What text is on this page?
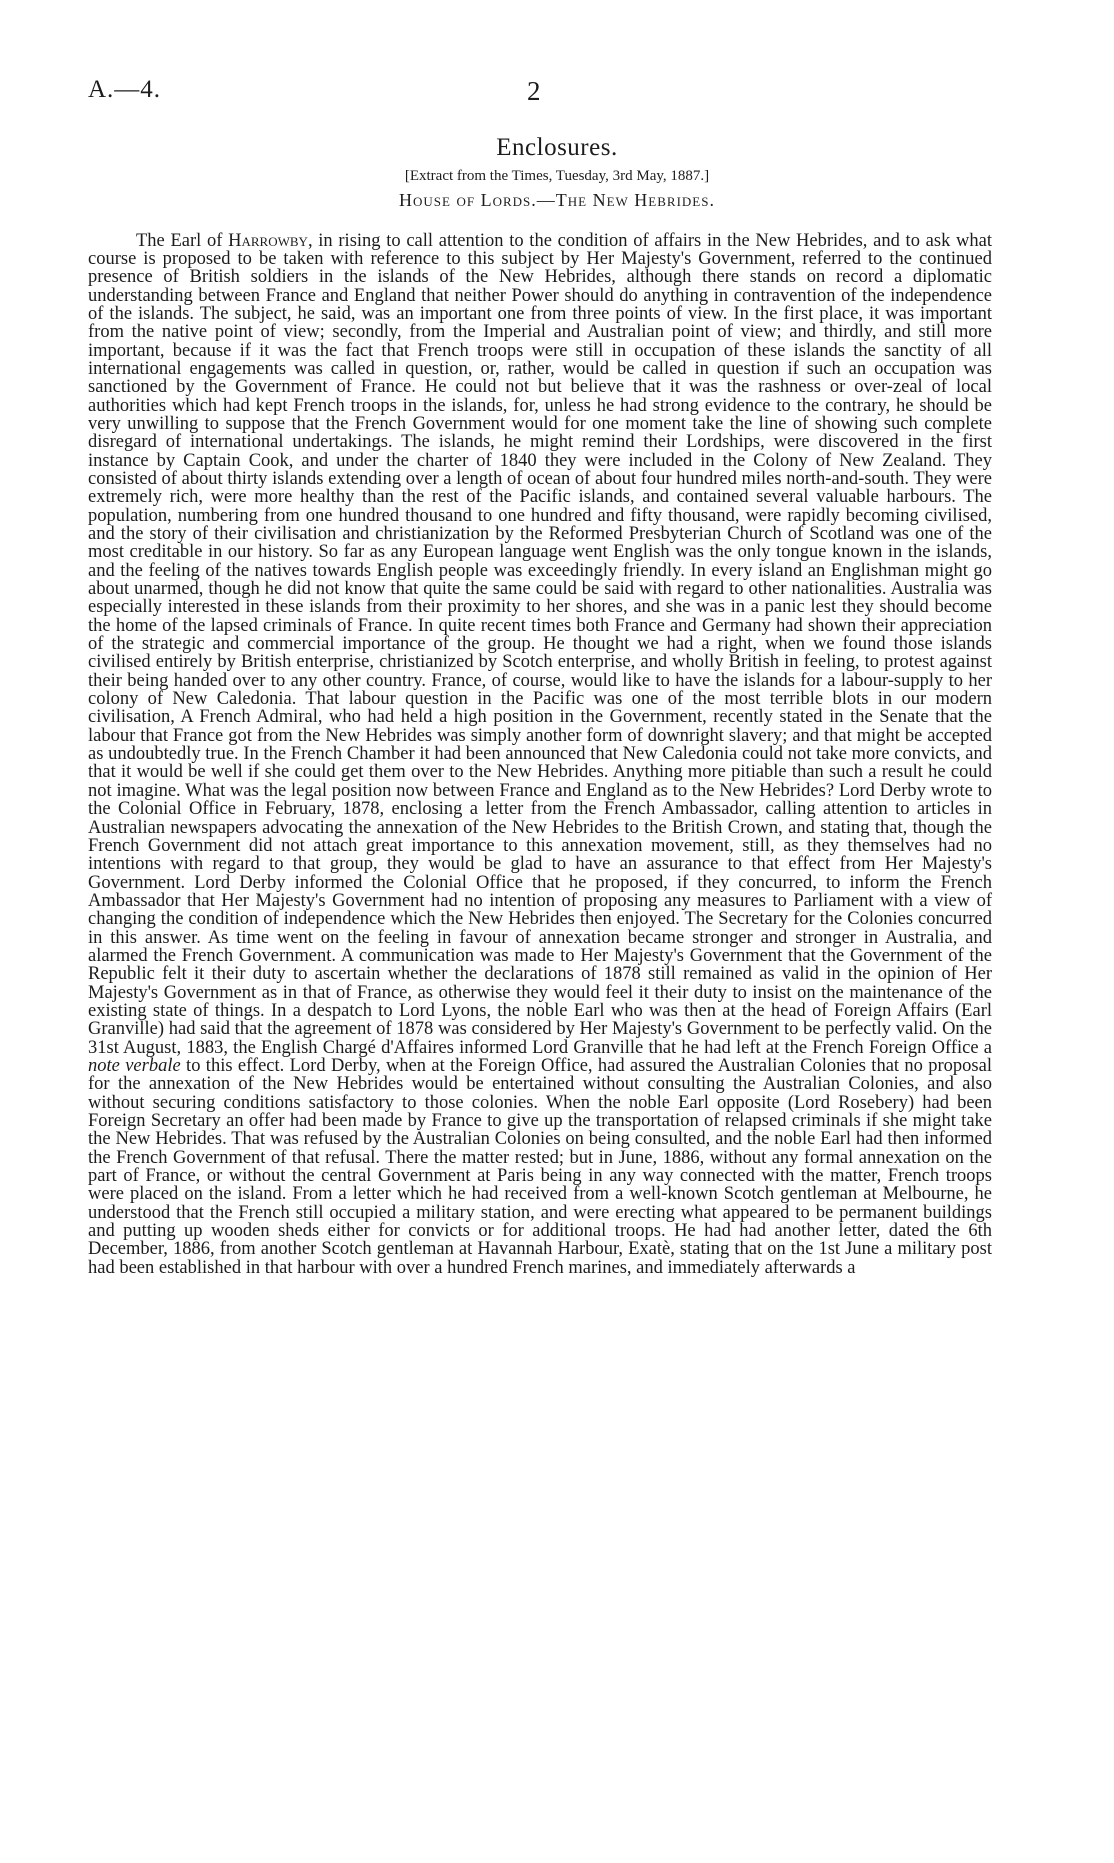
A.—4.	2
Enclosures.
[Extract from the Times, Tuesday, 3rd May, 1887.]
House of Lords.—The New Hebrides.

The Earl of Harrowby, in rising to call attention to the condition of affairs in the New Hebrides, and to ask what course is proposed to be taken with reference to this subject by Her Majesty's Government, referred to the continued presence of British soldiers in the islands of the New Hebrides, although there stands on record a diplomatic understanding between France and England that neither Power should do anything in contravention of the independence of the islands. The subject, he said, was an important one from three points of view. In the first place, it was important from the native point of view; secondly, from the Imperial and Australian point of view; and thirdly, and still more important, because if it was the fact that French troops were still in occupation of these islands the sanctity of all international engagements was called in question, or, rather, would be called in question if such an occupation was sanctioned by the Government of France. He could not but believe that it was the rashness or over-zeal of local authorities which had kept French troops in the islands, for, unless he had strong evidence to the contrary, he should be very unwilling to suppose that the French Government would for one moment take the line of showing such complete disregard of international undertakings. The islands, he might remind their Lordships, were discovered in the first instance by Captain Cook, and under the charter of 1840 they were included in the Colony of New Zealand. They consisted of about thirty islands extending over a length of ocean of about four hundred miles north-and-south. They were extremely rich, were more healthy than the rest of the Pacific islands, and contained several valuable harbours. The population, numbering from one hundred thousand to one hundred and fifty thousand, were rapidly becoming civilised, and the story of their civilisation and christianization by the Reformed Presbyterian Church of Scotland was one of the most creditable in our history. So far as any European language went English was the only tongue known in the islands, and the feeling of the natives towards English people was exceedingly friendly. In every island an Englishman might go about unarmed, though he did not know that quite the same could be said with regard to other nationalities. Australia was especially interested in these islands from their proximity to her shores, and she was in a panic lest they should become the home of the lapsed criminals of France. In quite recent times both France and Germany had shown their appreciation of the strategic and commercial importance of the group. He thought we had a right, when we found those islands civilised entirely by British enterprise, christianized by Scotch enterprise, and wholly British in feeling, to protest against their being handed over to any other country. France, of course, would like to have the islands for a labour-supply to her colony of New Caledonia. That labour question in the Pacific was one of the most terrible blots in our modern civilisation, A French Admiral, who had held a high position in the Government, recently stated in the Senate that the labour that France got from the New Hebrides was simply another form of downright slavery; and that might be accepted as undoubtedly true. In the French Chamber it had been announced that New Caledonia could not take more convicts, and that it would be well if she could get them over to the New Hebrides. Anything more pitiable than such a result he could not imagine. What was the legal position now between France and England as to the New Hebrides? Lord Derby wrote to the Colonial Office in February, 1878, enclosing a letter from the French Ambassador, calling attention to articles in Australian newspapers advocating the annexation of the New Hebrides to the British Crown, and stating that, though the French Government did not attach great importance to this annexation movement, still, as they themselves had no intentions with regard to that group, they would be glad to have an assurance to that effect from Her Majesty's Government. Lord Derby informed the Colonial Office that he proposed, if they concurred, to inform the French Ambassador that Her Majesty's Government had no intention of proposing any measures to Parliament with a view of changing the condition of independence which the New Hebrides then enjoyed. The Secretary for the Colonies concurred in this answer. As time went on the feeling in favour of annexation became stronger and stronger in Australia, and alarmed the French Government. A communication was made to Her Majesty's Government that the Government of the Republic felt it their duty to ascertain whether the declarations of 1878 still remained as valid in the opinion of Her Majesty's Government as in that of France, as otherwise they would feel it their duty to insist on the maintenance of the existing state of things. In a despatch to Lord Lyons, the noble Earl who was then at the head of Foreign Affairs (Earl Granville) had said that the agreement of 1878 was considered by Her Majesty's Government to be perfectly valid. On the 31st August, 1883, the English Chargé d'Affaires informed Lord Granville that he had left at the French Foreign Office a note verbale to this effect. Lord Derby, when at the Foreign Office, had assured the Australian Colonies that no proposal for the annexation of the New Hebrides would be entertained without consulting the Australian Colonies, and also without securing conditions satisfactory to those colonies. When the noble Earl opposite (Lord Rosebery) had been Foreign Secretary an offer had been made by France to give up the transportation of relapsed criminals if she might take the New Hebrides. That was refused by the Australian Colonies on being consulted, and the noble Earl had then informed the French Government of that refusal. There the matter rested; but in June, 1886, without any formal annexation on the part of France, or without the central Government at Paris being in any way connected with the matter, French troops were placed on the island. From a letter which he had received from a well-known Scotch gentleman at Melbourne, he understood that the French still occupied a military station, and were erecting what appeared to be permanent buildings and putting up wooden sheds either for convicts or for additional troops. He had had another letter, dated the 6th December, 1886, from another Scotch gentleman at Havannah Harbour, Exatè, stating that on the 1st June a military post had been established in that harbour with over a hundred French marines, and immediately afterwards a
